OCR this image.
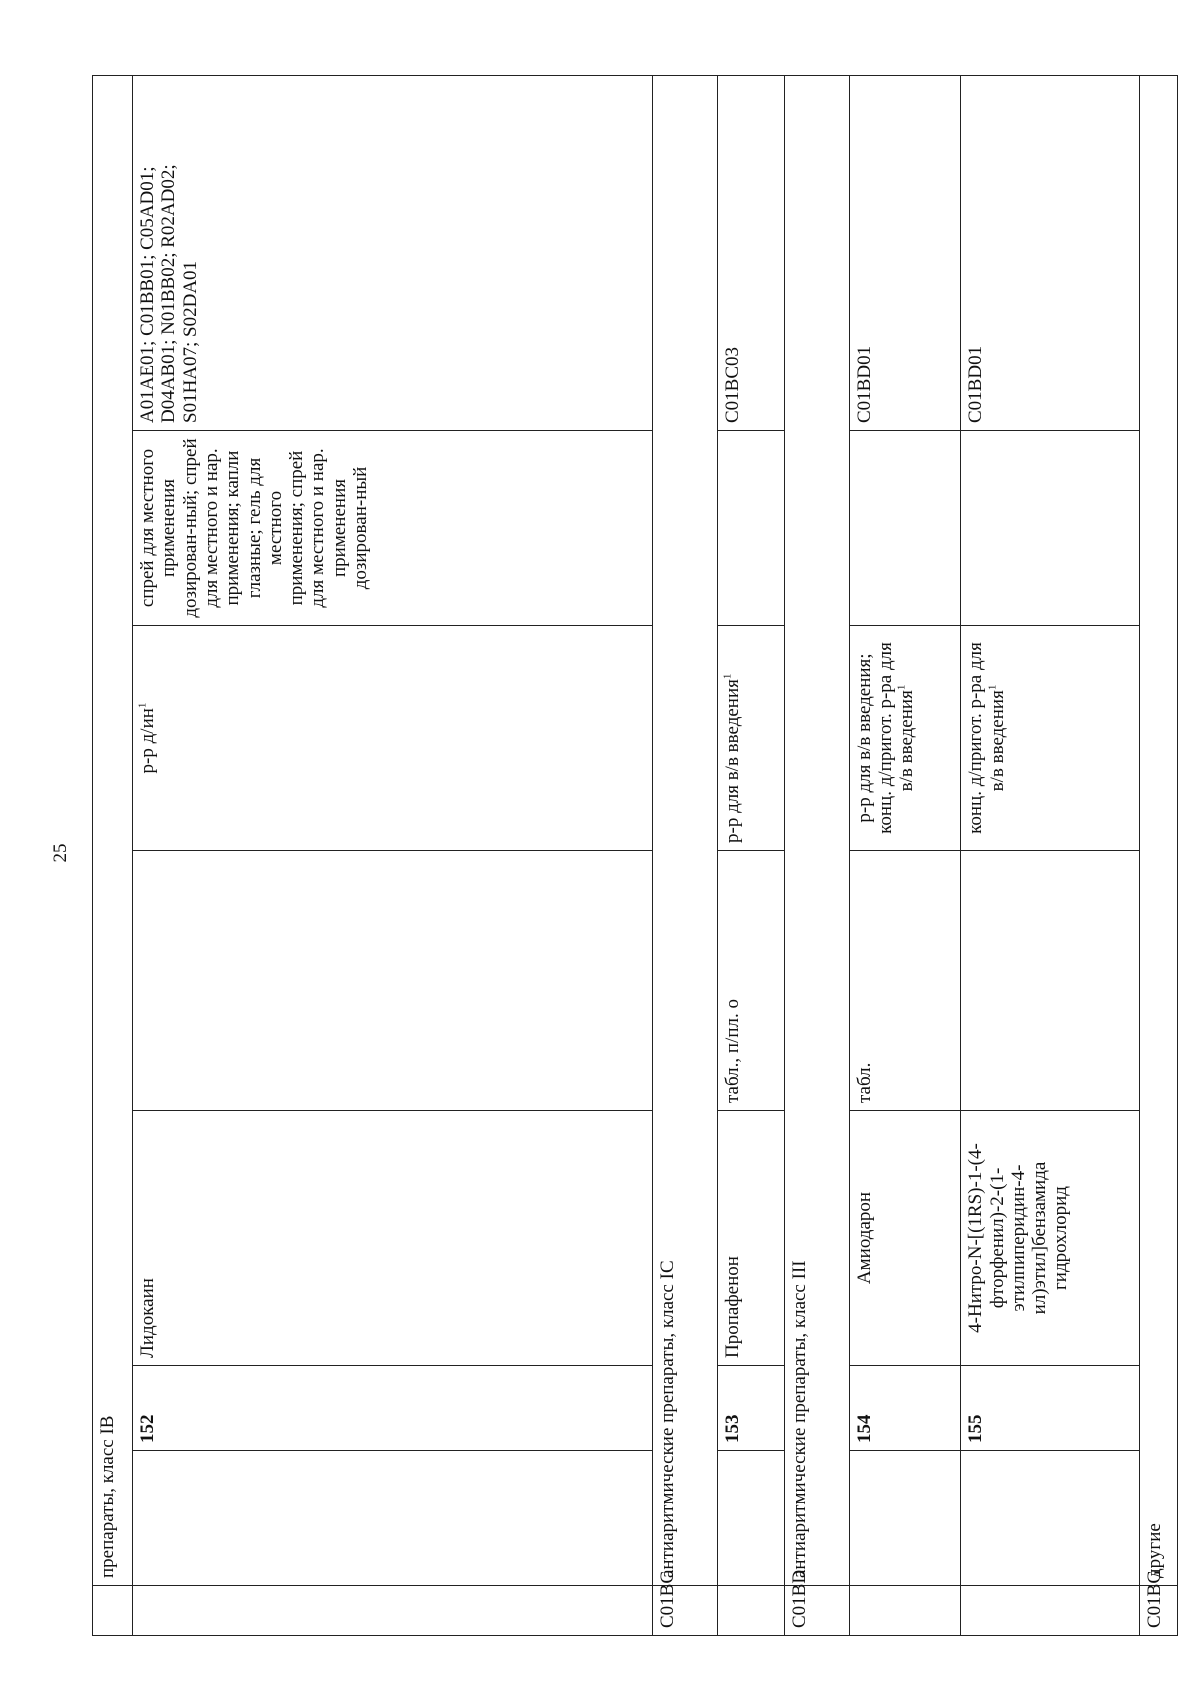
25
	препараты, класс IB						
		152	Лидокаин		р-р $д/ин^1$	спрей для местного применения дозирован-ный; спрей для местного и нар. применения; капли глазные; гель для местного применения; спрей для местного и нар. применения дозирован-ный	A01AE01; C01BB01; C05AD01; D04AB01; N01BB02; R02AD02; S01HA07; S02DA01
C01BC	антиаритмические препараты, класс IC						
		153	Пропафенон	табл., п/пл. о	р-р для в/в введения$^1$		C01BC03
C01BD	антиаритмические препараты, класс III						
		154	Амиодарон	табл.	р-р для в/в введения; конц. д/пригот. р-ра для в/в введения$^1$		C01BD01
		155	4-Нитро-N-[(1RS)-1-(4-фторфенил)-2-(1-этилпиперидин-4-ил)этил]бензамида гидрохлорид		конц. д/пригот. р-ра для в/в введения$^1$		C01BD01
C01BG	другие						
